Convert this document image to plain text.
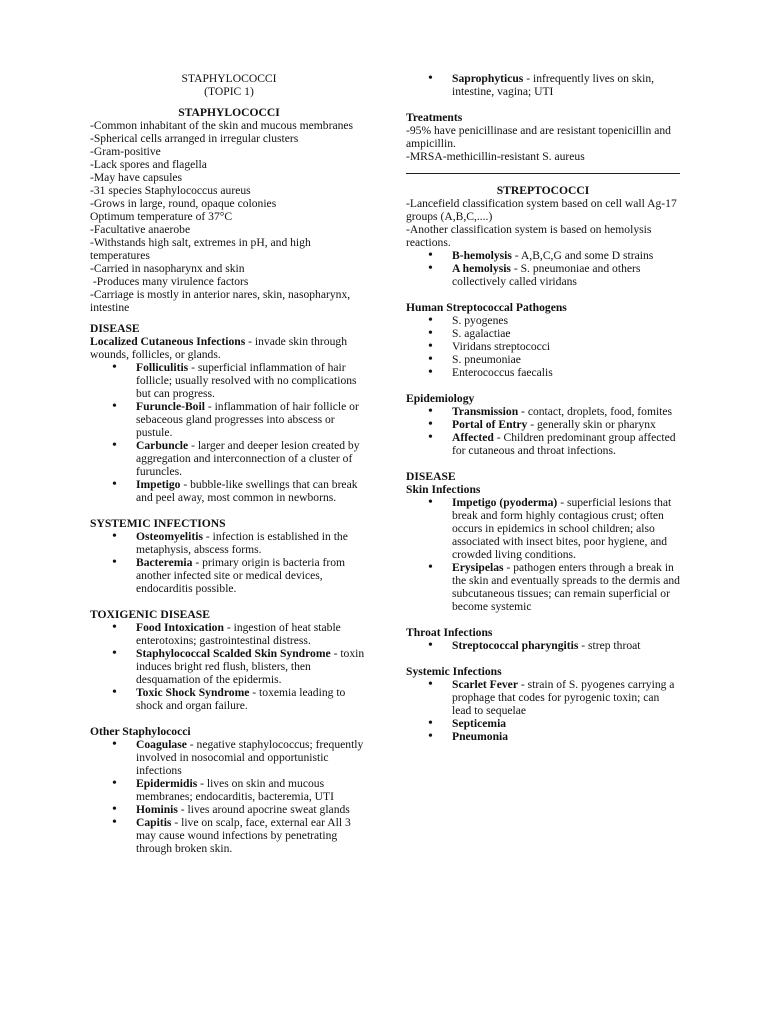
STAPHYLOCOCCI

(TOPIC 1)

STAPHYLOCOCCI

-Common inhabitant of the skin and mucous membranes

-Spherical cells arranged in irregular clusters

-Gram-positive

-Lack spores and flagella

-May have capsules

-31 species Staphylococcus aureus

-Grows in large, round, opaque colonies

Optimum temperature of 37°C

-Facultative anaerobe

-Withstands high salt, extremes in pH, and high temperatures

-Carried in nasopharynx and skin

-Produces many virulence factors

-Carriage is mostly in anterior nares, skin, nasopharynx, intestine

DISEASE

Localized Cutaneous Infections - invade skin through wounds, follicles, or glands.

• Folliculitis - superficial inflammation of hair follicle; usually resolved with no complications but can progress.
• Furuncle-Boil - inflammation of hair follicle or sebaceous gland progresses into abscess or pustule.
• Carbuncle - larger and deeper lesion created by aggregation and interconnection of a cluster of furuncles.
• Impetigo - bubble-like swellings that can break and peel away, most common in newborns.

SYSTEMIC INFECTIONS

• Osteomyelitis - infection is established in the metaphysis, abscess forms.
• Bacteremia - primary origin is bacteria from another infected site or medical devices, endocarditis possible.

TOXIGENIC DISEASE

• Food Intoxication - ingestion of heat stable enterotoxins; gastrointestinal distress.
• Staphylococcal Scalded Skin Syndrome - toxin induces bright red flush, blisters, then desquamation of the epidermis.
• Toxic Shock Syndrome - toxemia leading to shock and organ failure.

Other Staphylococci

• Coagulase - negative staphylococcus; frequently involved in nosocomial and opportunistic infections
• Epidermidis - lives on skin and mucous membranes; endocarditis, bacteremia, UTI
• Hominis - lives around apocrine sweat glands
• Capitis - live on scalp, face, external ear All 3 may cause wound infections by penetrating through broken skin.
• Saprophyticus - infrequently lives on skin, intestine, vagina; UTI

Treatments

-95% have penicillinase and are resistant topenicillin and ampicillin.

-MRSA-methicillin-resistant S. aureus

STREPTOCOCCI

-Lancefield classification system based on cell wall Ag-17 groups (A,B,C,....)

-Another classification system is based on hemolysis reactions.

• B-hemolysis - A,B,C,G and some D strains
• A hemolysis - S. pneumoniae and others collectively called viridans

Human Streptococcal Pathogens

• S. pyogenes
• S. agalactiae
• Viridans streptococci
• S. pneumoniae
• Enterococcus faecalis

Epidemiology

• Transmission - contact, droplets, food, fomites
• Portal of Entry - generally skin or pharynx
• Affected - Children predominant group affected for cutaneous and throat infections.

DISEASE

Skin Infections

• Impetigo (pyoderma) - superficial lesions that break and form highly contagious crust; often occurs in epidemics in school children; also associated with insect bites, poor hygiene, and crowded living conditions.
• Erysipelas - pathogen enters through a break in the skin and eventually spreads to the dermis and subcutaneous tissues; can remain superficial or become systemic

Throat Infections

• Streptococcal pharyngitis - strep throat

Systemic Infections

• Scarlet Fever - strain of S. pyogenes carrying a prophage that codes for pyrogenic toxin; can lead to sequelae
• Septicemia
• Pneumonia
